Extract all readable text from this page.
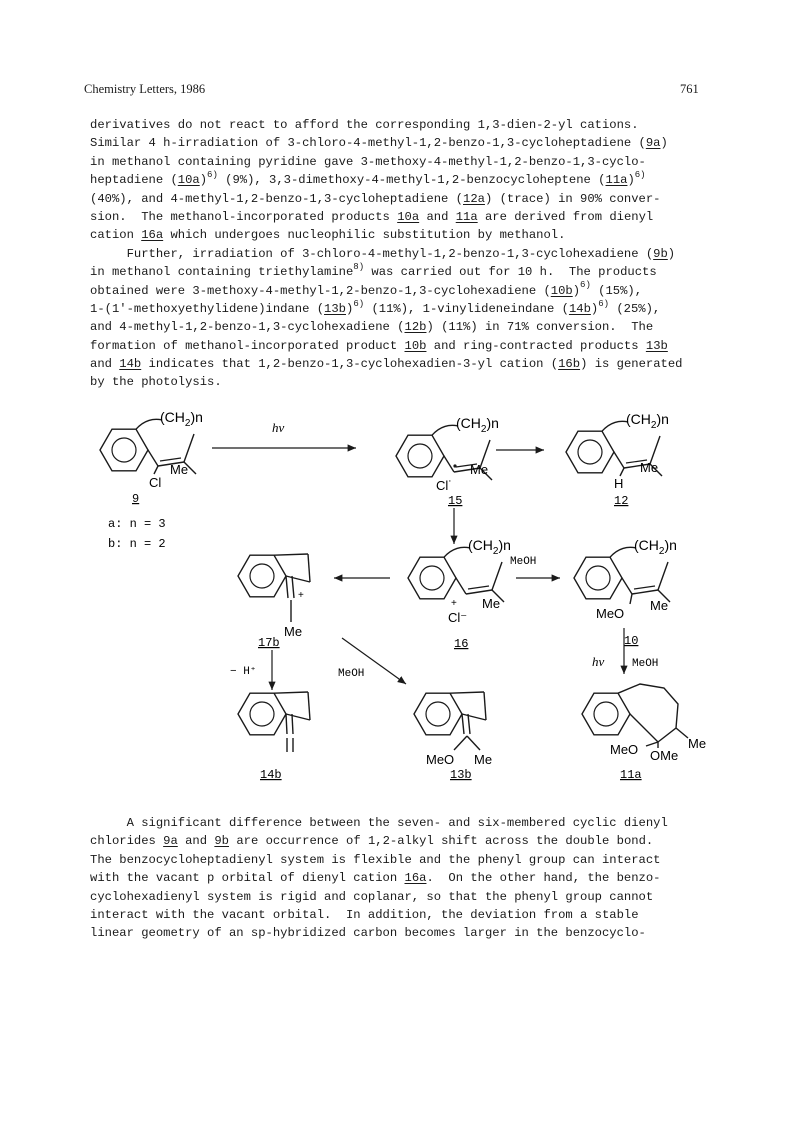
Chemistry Letters, 1986	761
derivatives do not react to afford the corresponding 1,3-dien-2-yl cations.
Similar 4 h-irradiation of 3-chloro-4-methyl-1,2-benzo-1,3-cycloheptadiene (9a)
in methanol containing pyridine gave 3-methoxy-4-methyl-1,2-benzo-1,3-cyclo-
heptadiene $(10a)^{6)}$ (9%), 3,3-dimethoxy-4-methyl-1,2-benzocycloheptene $(11a)^{6)}$
(40%), and 4-methyl-1,2-benzo-1,3-cycloheptadiene (12a) (trace) in 90% conver-
sion.  The methanol-incorporated products 10a and 11a are derived from dienyl
cation 16a which undergoes nucleophilic substitution by methanol.
Further, irradiation of 3-chloro-4-methyl-1,2-benzo-1,3-cyclohexadiene (9b)
in methanol containing triethylamine$^{8)}$ was carried out for 10 h.  The products
obtained were 3-methoxy-4-methyl-1,2-benzo-1,3-cyclohexadiene $(10b)^{6)}$ (15%),
1-(1'-methoxyethylidene)indane $(13b)^{6)}$ (11%), 1-vinylideneindane $(14b)^{6)}$ (25%),
and 4-methyl-1,2-benzo-1,3-cyclohexadiene (12b) (11%) in 71% conversion.  The
formation of methanol-incorporated product 10b and ring-contracted products 13b
and 14b indicates that 1,2-benzo-1,3-cyclohexadien-3-yl cation (16b) is generated
by the photolysis.
$(CH_2)n$
Me
Cl
9
a: n = 3
b: n = 2
hν	$(CH_2)n$
Me
Cl˙
15
$(CH_2)n$
Me
H
12
$(CH_2)n$
Me
+
Cl⁻
16
+
Me
17b
MeOH
$(CH_2)n$
Me
MeO
10
− H⁺	MeOH
hν	MeOH
14b
MeO Me
13b
Me
MeO OMe
11a
A significant difference between the seven- and six-membered cyclic dienyl
chlorides 9a and 9b are occurrence of 1,2-alkyl shift across the double bond.
The benzocycloheptadienyl system is flexible and the phenyl group can interact
with the vacant p orbital of dienyl cation 16a.  On the other hand, the benzo-
cyclohexadienyl system is rigid and coplanar, so that the phenyl group cannot
interact with the vacant orbital.  In addition, the deviation from a stable
linear geometry of an sp-hybridized carbon becomes larger in the benzocyclo-
